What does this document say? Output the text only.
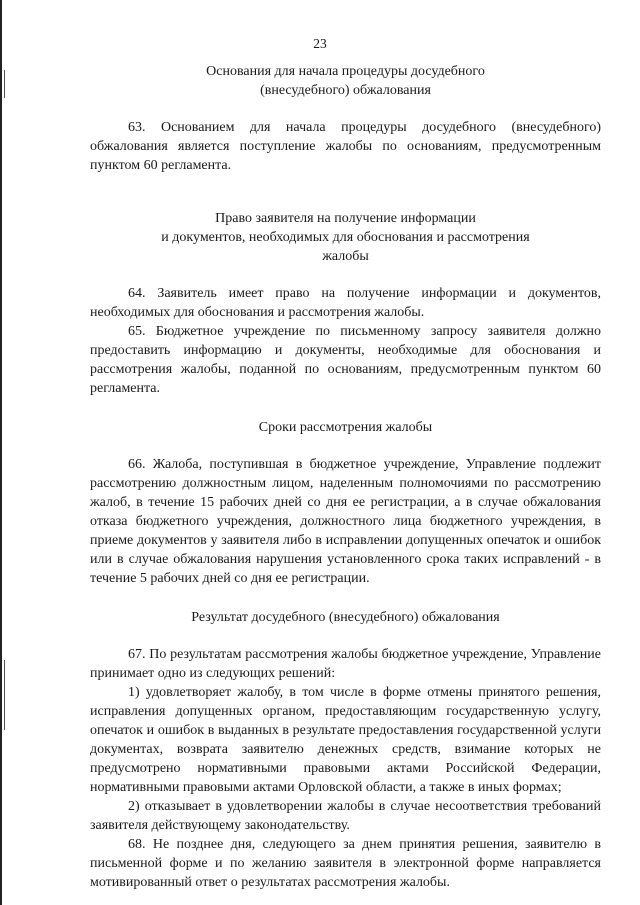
23

Основания для начала процедуры досудебного

(внесудебного) обжалования

63. Основанием для начала процедуры досудебного (внесудебного) обжалования является поступление жалобы по основаниям, предусмотренным пунктом 60 регламента.

Право заявителя на получение информации

и документов, необходимых для обоснования и рассмотрения

жалобы

64. Заявитель имеет право на получение информации и документов, необходимых для обоснования и рассмотрения жалобы.

65. Бюджетное учреждение по письменному запросу заявителя должно предоставить информацию и документы, необходимые для обоснования и рассмотрения жалобы, поданной по основаниям, предусмотренным пунктом 60 регламента.

Сроки рассмотрения жалобы

66. Жалоба, поступившая в бюджетное учреждение, Управление подлежит рассмотрению должностным лицом, наделенным полномочиями по рассмотрению жалоб, в течение 15 рабочих дней со дня ее регистрации, а в случае обжалования отказа бюджетного учреждения, должностного лица бюджетного учреждения, в приеме документов у заявителя либо в исправлении допущенных опечаток и ошибок или в случае обжалования нарушения установленного срока таких исправлений - в течение 5 рабочих дней со дня ее регистрации.

Результат досудебного (внесудебного) обжалования

67. По результатам рассмотрения жалобы бюджетное учреждение, Управление принимает одно из следующих решений:

1) удовлетворяет жалобу, в том числе в форме отмены принятого решения, исправления допущенных органом, предоставляющим государственную услугу, опечаток и ошибок в выданных в результате предоставления государственной услуги документах, возврата заявителю денежных средств, взимание которых не предусмотрено нормативными правовыми актами Российской Федерации, нормативными правовыми актами Орловской области, а также в иных формах;

2) отказывает в удовлетворении жалобы в случае несоответствия требований заявителя действующему законодательству.

68. Не позднее дня, следующего за днем принятия решения, заявителю в письменной форме и по желанию заявителя в электронной форме направляется мотивированный ответ о результатах рассмотрения жалобы.
